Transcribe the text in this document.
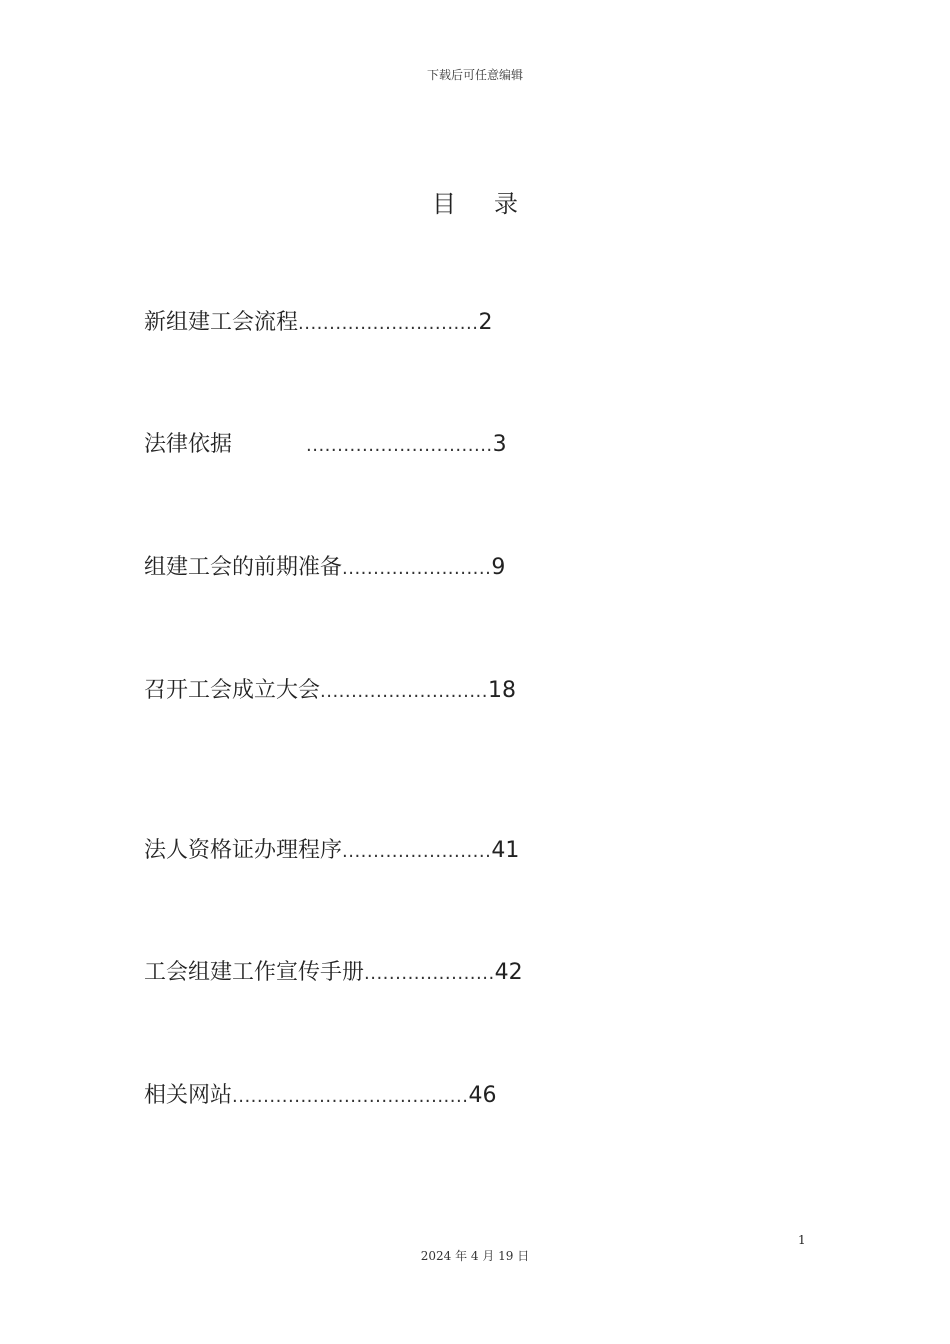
下载后可任意编辑
目录
新组建工会流程.............................2
法律依据	..............................3
组建工会的前期准备........................9
召开工会成立大会...........................18
法人资格证办理程序........................41
工会组建工作宣传手册.....................42
相关网站......................................46
1
2024 年 4 月 19 日
